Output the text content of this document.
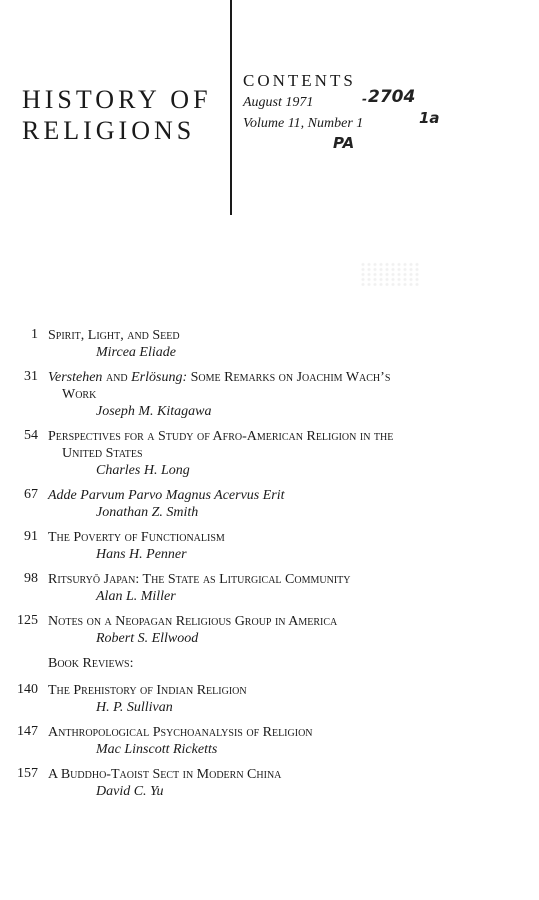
HISTORY OF
RELIGIONS
CONTENTS
August 1971
Volume 11, Number 1
2704
-
1a
PA
1 Spirit, Light, and Seed
Mircea Eliade
31 Verstehen and Erlösung: Some Remarks on Joachim Wach’s
Work
Joseph M. Kitagawa
54 Perspectives for a Study of Afro-American Religion in the
United States
Charles H. Long
67 Adde Parvum Parvo Magnus Acervus Erit
Jonathan Z. Smith
91 The Poverty of Functionalism
Hans H. Penner
98 Ritsuryō Japan: The State as Liturgical Community
Alan L. Miller
125 Notes on a Neopagan Religious Group in America
Robert S. Ellwood
Book Reviews:
140 The Prehistory of Indian Religion
H. P. Sullivan
147 Anthropological Psychoanalysis of Religion
Mac Linscott Ricketts
157 A Buddho-Taoist Sect in Modern China
David C. Yu
